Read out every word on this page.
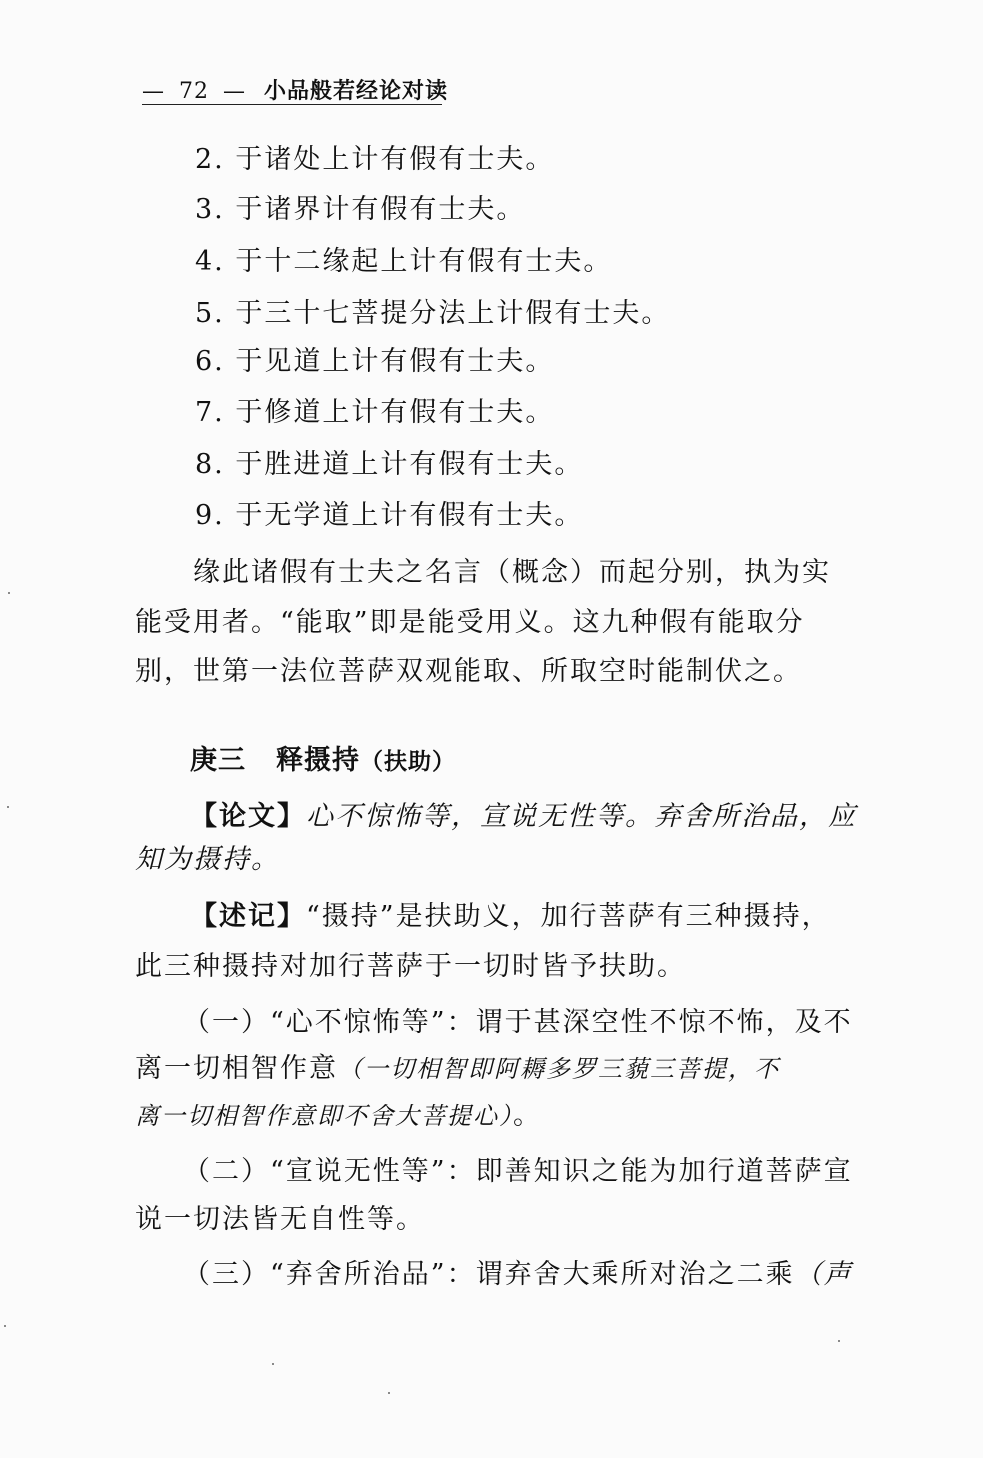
— 72 — 小品般若经论对读
2. 于诸处上计有假有士夫。
3. 于诸界计有假有士夫。
4. 于十二缘起上计有假有士夫。
5. 于三十七菩提分法上计假有士夫。
6. 于见道上计有假有士夫。
7. 于修道上计有假有士夫。
8. 于胜进道上计有假有士夫。
9. 于无学道上计有假有士夫。
缘此诸假有士夫之名言（概念）而起分别，执为实
能受用者。“能取”即是能受用义。这九种假有能取分
别，世第一法位菩萨双观能取、所取空时能制伏之。
庚三 释摄持（扶助）
【论文】心不惊怖等，宣说无性等。弃舍所治品，应
知为摄持。
【述记】“摄持”是扶助义，加行菩萨有三种摄持，
此三种摄持对加行菩萨于一切时皆予扶助。
（一）“心不惊怖等”：谓于甚深空性不惊不怖，及不
离一切相智作意（一切相智即阿耨多罗三藐三菩提，不
离一切相智作意即不舍大菩提心）。
（二）“宣说无性等”：即善知识之能为加行道菩萨宣
说一切法皆无自性等。
（三）“弃舍所治品”：谓弃舍大乘所对治之二乘（声
